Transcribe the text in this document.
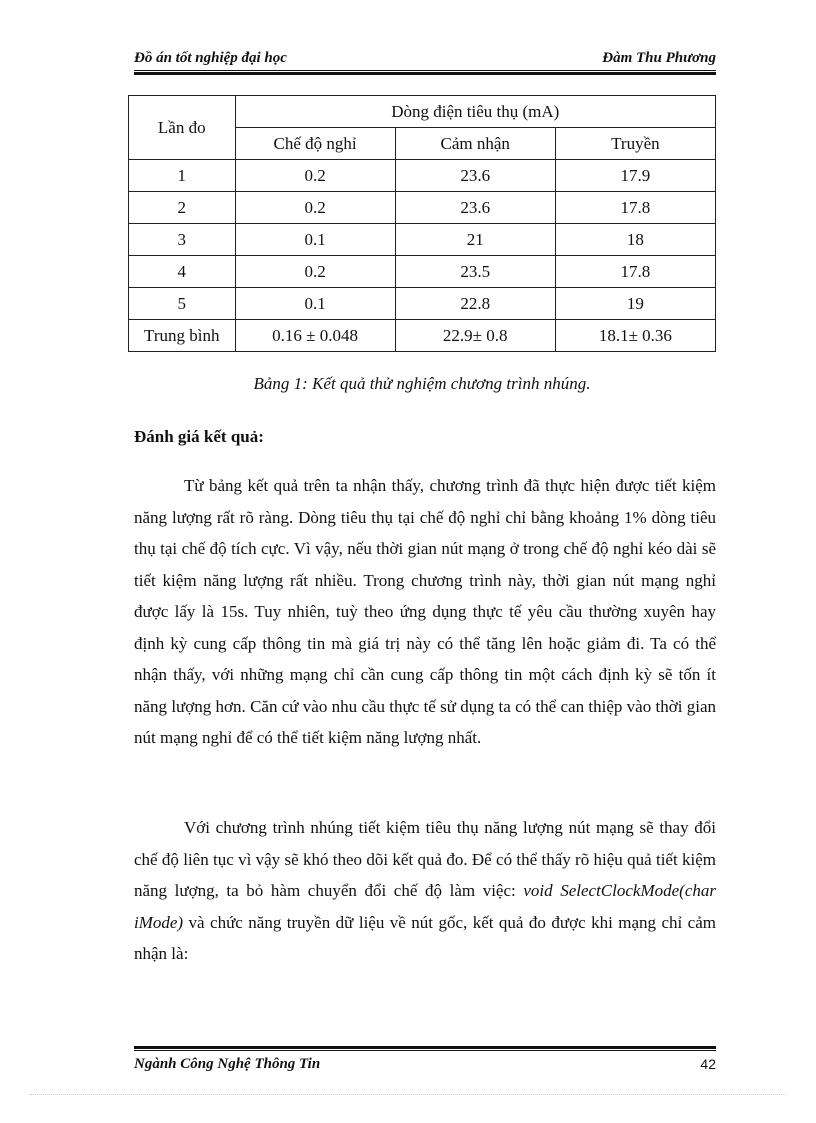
Đồ án tốt nghiệp đại học	Đàm Thu Phương
Lần đo	Dòng điện tiêu thụ (mA)		
	Chế độ nghỉ	Cảm nhận	Truyền
1	0.2	23.6	17.9
2	0.2	23.6	17.8
3	0.1	21	18
4	0.2	23.5	17.8
5	0.1	22.8	19
Trung bình	0.16 ± 0.048	22.9± 0.8	18.1± 0.36
Bảng 1: Kết quả thử nghiệm chương trình nhúng.
Đánh giá kết quả:

Từ bảng kết quả trên ta nhận thấy, chương trình đã thực hiện được tiết kiệm năng lượng rất rõ ràng. Dòng tiêu thụ tại chế độ nghỉ chỉ bằng khoảng 1% dòng tiêu thụ tại chế độ tích cực. Vì vậy, nếu thời gian nút mạng ở trong chế độ nghỉ kéo dài sẽ tiết kiệm năng lượng rất nhiều. Trong chương trình này, thời gian nút mạng nghỉ được lấy là 15s. Tuy nhiên, tuỳ theo ứng dụng thực tế yêu cầu thường xuyên hay định kỳ cung cấp thông tin mà giá trị này có thể tăng lên hoặc giảm đi. Ta có thể nhận thấy, với những mạng chỉ cần cung cấp thông tin một cách định kỳ sẽ tốn ít năng lượng hơn. Căn cứ vào nhu cầu thực tế sử dụng ta có thể can thiệp vào thời gian nút mạng nghỉ để có thể tiết kiệm năng lượng nhất.

Với chương trình nhúng tiết kiệm tiêu thụ năng lượng nút mạng sẽ thay đổi chế độ liên tục vì vậy sẽ khó theo dõi kết quả đo. Để có thể thấy rõ hiệu quả tiết kiệm năng lượng, ta bỏ hàm chuyển đổi chế độ làm việc: void SelectClockMode(char iMode) và chức năng truyền dữ liệu về nút gốc, kết quả đo được khi mạng chỉ cảm nhận là:

Ngành Công Nghệ Thông Tin	42
